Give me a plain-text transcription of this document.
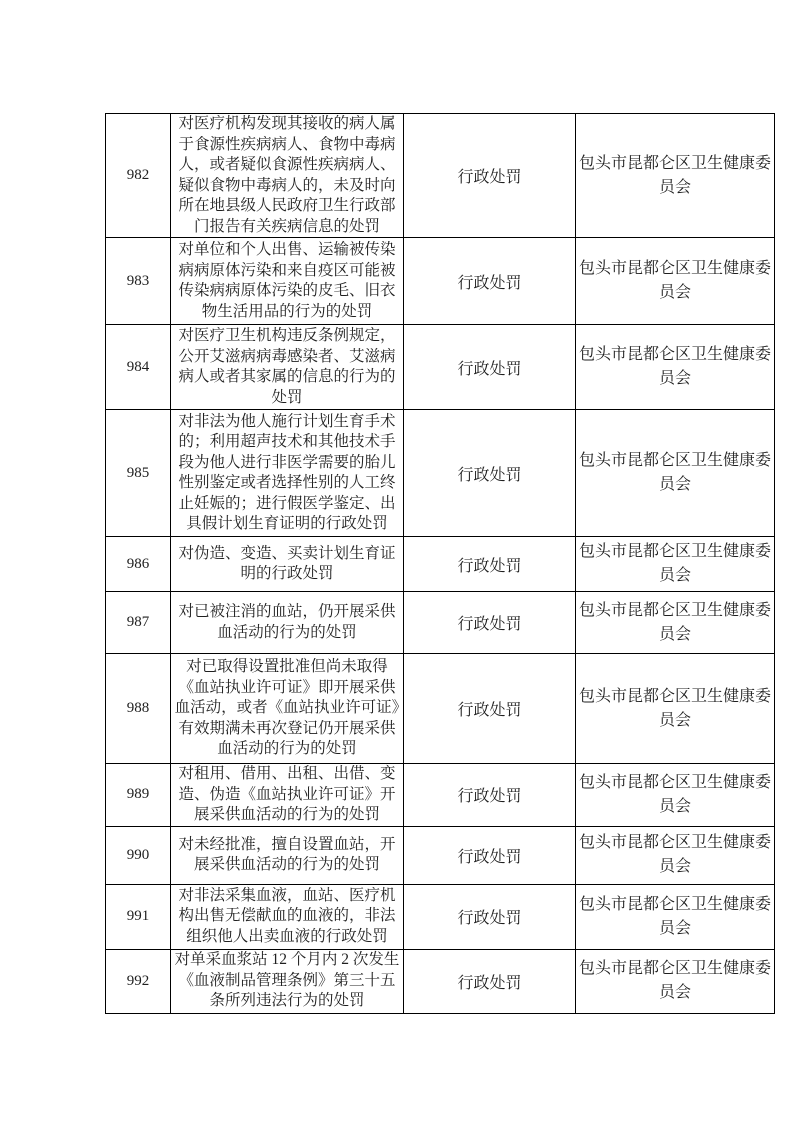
982	对医疗机构发现其接收的病人属于食源性疾病病人、食物中毒病人，或者疑似食源性疾病病人、疑似食物中毒病人的，未及时向所在地县级人民政府卫生行政部门报告有关疾病信息的处罚	行政处罚	包头市昆都仑区卫生健康委员会
983	对单位和个人出售、运输被传染病病原体污染和来自疫区可能被传染病病原体污染的皮毛、旧衣物生活用品的行为的处罚	行政处罚	包头市昆都仑区卫生健康委员会
984	对医疗卫生机构违反条例规定，公开艾滋病病毒感染者、艾滋病病人或者其家属的信息的行为的处罚	行政处罚	包头市昆都仑区卫生健康委员会
985	对非法为他人施行计划生育手术的；利用超声技术和其他技术手段为他人进行非医学需要的胎儿性别鉴定或者选择性别的人工终止妊娠的；进行假医学鉴定、出具假计划生育证明的行政处罚	行政处罚	包头市昆都仑区卫生健康委员会
986	对伪造、变造、买卖计划生育证明的行政处罚	行政处罚	包头市昆都仑区卫生健康委员会
987	对已被注消的血站，仍开展采供血活动的行为的处罚	行政处罚	包头市昆都仑区卫生健康委员会
988	对已取得设置批准但尚未取得《血站执业许可证》即开展采供血活动，或者《血站执业许可证》有效期满未再次登记仍开展采供血活动的行为的处罚	行政处罚	包头市昆都仑区卫生健康委员会
989	对租用、借用、出租、出借、变造、伪造《血站执业许可证》开展采供血活动的行为的处罚	行政处罚	包头市昆都仑区卫生健康委员会
990	对未经批准，擅自设置血站，开展采供血活动的行为的处罚	行政处罚	包头市昆都仑区卫生健康委员会
991	对非法采集血液，血站、医疗机构出售无偿献血的血液的，非法组织他人出卖血液的行政处罚	行政处罚	包头市昆都仑区卫生健康委员会
992	对单采血浆站 12 个月内 2 次发生《血液制品管理条例》第三十五条所列违法行为的处罚	行政处罚	包头市昆都仑区卫生健康委员会
